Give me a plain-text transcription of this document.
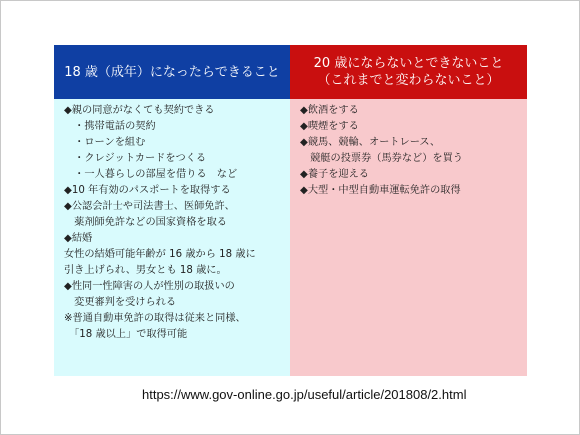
18 歳（成年）になったらできること
◆親の同意がなくても契約できる
　・携帯電話の契約
　・ローンを組む
　・クレジットカードをつくる
　・一人暮らしの部屋を借りる　など
◆10 年有効のパスポートを取得する
◆公認会計士や司法書士、医師免許、
　薬剤師免許などの国家資格を取る
◆結婚
女性の結婚可能年齢が 16 歳から 18 歳に
引き上げられ、男女とも 18 歳に。
◆性同一性障害の人が性別の取扱いの
　変更審判を受けられる
※普通自動車免許の取得は従来と同様、
　「18 歳以上」で取得可能
20 歳にならないとできないこと
（これまでと変わらないこと）
◆飲酒をする
◆喫煙をする
◆競馬、競輪、オートレース、
　競艇の投票券（馬券など）を買う
◆養子を迎える
◆大型・中型自動車運転免許の取得
https://www.gov-online.go.jp/useful/article/201808/2.html
